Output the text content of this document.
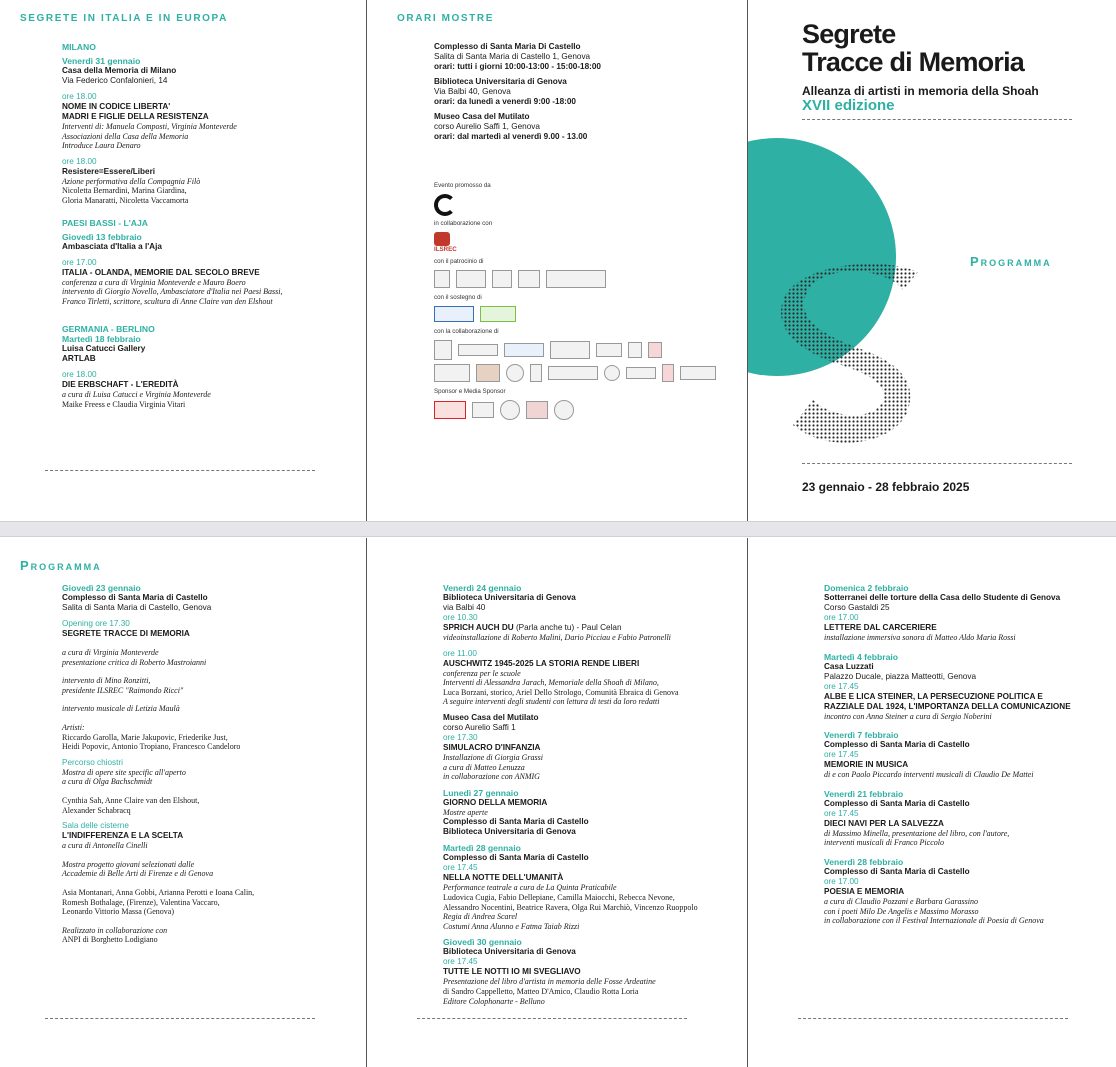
SEGRETE IN ITALIA E IN EUROPA
MILANO
Venerdì 31 gennaio
Casa della Memoria di Milano
Via Federico Confalonieri, 14
ore 18.00
NOME IN CODICE LIBERTA'
MADRI E FIGLIE DELLA RESISTENZA
Interventi di: Manuela Composti, Virginia Monteverde
Associazioni della Casa della Memoria
Introduce Laura Denaro
ore 18.00
Resistere=Essere/Liberi
Azione performativa della Compagnia Filò
Nicoletta Bernardini, Marina Giardina,
Gloria Manaratti, Nicoletta Vaccamorta
PAESI BASSI - L'AJA
Giovedì 13 febbraio
Ambasciata d'Italia a l'Aja
ore 17.00
ITALIA - OLANDA, MEMORIE DAL SECOLO BREVE
conferenza a cura di Virginia Monteverde e Mauro Boero
intervento di Giorgio Novello, Ambasciatore d'Italia nei Paesi Bassi,
Franco Tirletti, scrittore, scultura di Anne Claire van den Elshout
GERMANIA - BERLINO
Martedì 18 febbraio
Luisa Catucci Gallery
ARTLAB
ore 18.00
DIE ERBSCHAFT - L'EREDITÀ
a cura di Luisa Catucci e Virginia Monteverde
Maike Freess e Claudia Virginia Vitari
ORARI MOSTRE
Complesso di Santa Maria Di Castello
Salita di Santa Maria di Castello 1, Genova
orari: tutti i giorni 10:00-13:00 - 15:00-18:00
Biblioteca Universitaria di Genova
Via Balbi 40, Genova
orari: da lunedì a venerdì 9:00 -18:00
Museo Casa del Mutilato
corso Aurelio Saffi 1, Genova
orari: dal martedì al venerdì 9.00 - 13.00
Evento promosso da
in collaborazione con
ILSREC
con il patrocinio di
con il sostegno di
con la collaborazione di
Sponsor e Media Sponsor
Segrete
Tracce di Memoria
Alleanza di artisti in memoria della Shoah
XVII edizione
Programma
23 gennaio - 28 febbraio 2025
Programma
Giovedì 23 gennaio
Complesso di Santa Maria di Castello
Salita di Santa Maria di Castello, Genova
Opening ore 17.30
SEGRETE TRACCE DI MEMORIA
a cura di Virginia Monteverde
presentazione critica di Roberto Mastroianni
intervento di Mino Ronzitti,
presidente ILSREC "Raimondo Ricci"
intervento musicale di Letizia Maulà
Artisti:
Riccardo Garolla, Marie Jakupovic, Friederike Just,
Heidi Popovic, Antonio Tropiano, Francesco Candeloro
Percorso chiostri
Mostra di opere site specific all'aperto
a cura di Olga Bachschmidt
Cynthia Sah, Anne Claire van den Elshout,
Alexander Schabracq
Sala delle cisterne
L'INDIFFERENZA E LA SCELTA
a cura di Antonella Cinelli
Mostra progetto giovani selezionati dalle
Accademie di Belle Arti di Firenze e di Genova
Asia Montanari, Anna Gobbi, Arianna Perotti e Ioana Calin,
Romesh Bothalage, (Firenze), Valentina Vaccaro,
Leonardo Vittorio Massa (Genova)
Realizzato in collaborazione con
ANPI di Borghetto Lodigiano
Venerdì 24 gennaio
Biblioteca Universitaria di Genova
via Balbi 40
ore 10.30
SPRICH AUCH DU (Parla anche tu) - Paul Celan
videoinstallazione di Roberto Malini, Dario Picciau e Fabio Patronelli
ore 11.00
AUSCHWITZ 1945-2025 LA STORIA RENDE LIBERI
conferenza per le scuole
Interventi di Alessandra Jarach, Memoriale della Shoah di Milano,
Luca Borzani, storico, Ariel Dello Strologo, Comunità Ebraica di Genova
A seguire interventi degli studenti con lettura di testi da loro redatti
Museo Casa del Mutilato
corso Aurelio Saffi 1
ore 17.30
SIMULACRO D'INFANZIA
Installazione di Giorgia Grassi
a cura di Matteo Lenuzza
in collaborazione con ANMIG
Lunedì 27 gennaio
GIORNO DELLA MEMORIA
Mostre aperte
Complesso di Santa Maria di Castello
Biblioteca Universitaria di Genova
Martedì 28 gennaio
Complesso di Santa Maria di Castello
ore 17.45
NELLA NOTTE DELL'UMANITÀ
Performance teatrale a cura de La Quinta Praticabile
Ludovica Cugia, Fabio Dellepiane, Camilla Maiocchi, Rebecca Nevone,
Alessandro Nocentini, Beatrice Ravera, Olga Rui Marchiò, Vincenzo Ruoppolo
Regia di Andrea Scarel
Costumi Anna Alunno e Fatma Taiab Rizzi
Giovedì 30 gennaio
Biblioteca Universitaria di Genova
ore 17.45
TUTTE LE NOTTI IO MI SVEGLIAVO
Presentazione del libro d'artista in memoria delle Fosse Ardeatine
di Sandro Cappelletto, Matteo D'Amico, Claudio Rotta Loria
Editore Colophonarte - Belluno
Domenica 2 febbraio
Sotterranei delle torture della Casa dello Studente di Genova
Corso Gastaldi 25
ore 17.00
LETTERE DAL CARCERIERE
installazione immersiva sonora di Matteo Aldo Maria Rossi
Martedì 4 febbraio
Casa Luzzati
Palazzo Ducale, piazza Matteotti, Genova
ore 17.45
ALBE E LICA STEINER, LA PERSECUZIONE POLITICA E
RAZZIALE DAL 1924, L'IMPORTANZA DELLA COMUNICAZIONE
incontro con Anna Steiner a cura di Sergio Noberini
Venerdì 7 febbraio
Complesso di Santa Maria di Castello
ore 17.45
MEMORIE IN MUSICA
di e con Paolo Piccardo interventi musicali di Claudio De Mattei
Venerdì 21 febbraio
Complesso di Santa Maria di Castello
ore 17.45
DIECI NAVI PER LA SALVEZZA
di Massimo Minella, presentazione del libro, con l'autore,
interventi musicali di Franco Piccolo
Venerdì 28 febbraio
Complesso di Santa Maria di Castello
ore 17.00
POESIA E MEMORIA
a cura di Claudio Pozzani e Barbara Garassino
con i poeti Milo De Angelis e Massimo Morasso
in collaborazione con il Festival Internazionale di Poesia di Genova
